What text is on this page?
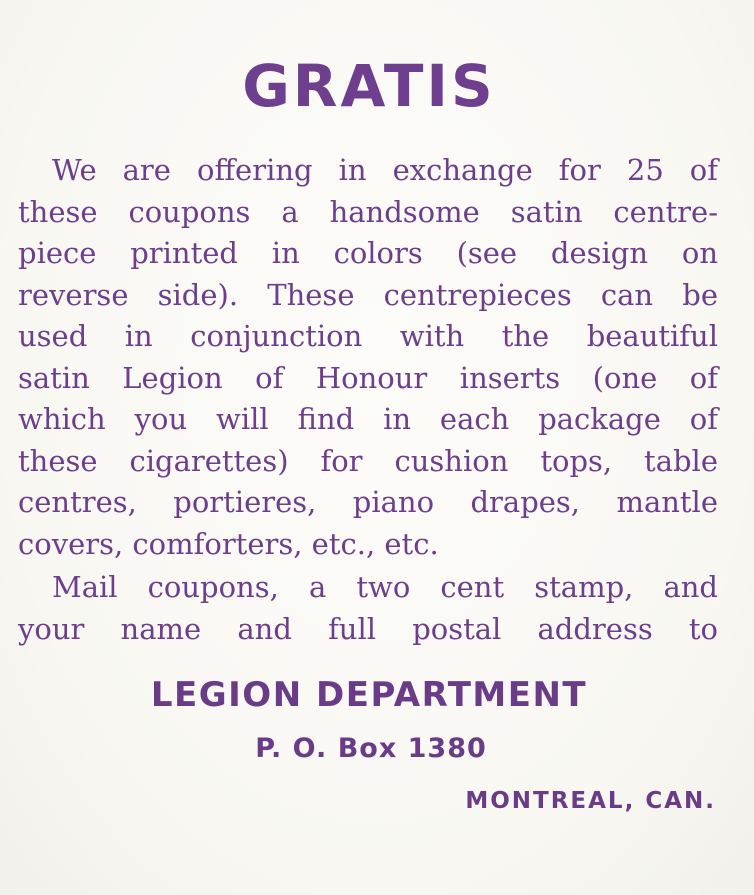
GRATIS
We are offering in exchange for 25 of
these coupons a handsome satin centre-
piece printed in colors (see design on
reverse side). These centrepieces can be
used in conjunction with the beautiful
satin Legion of Honour inserts (one of
which you will find in each package of
these cigarettes) for cushion tops, table
centres, portieres, piano drapes, mantle
covers, comforters, etc., etc.
Mail coupons, a two cent stamp, and
your name and full postal address to
LEGION DEPARTMENT
P. O. Box 1380
MONTREAL, CAN.
